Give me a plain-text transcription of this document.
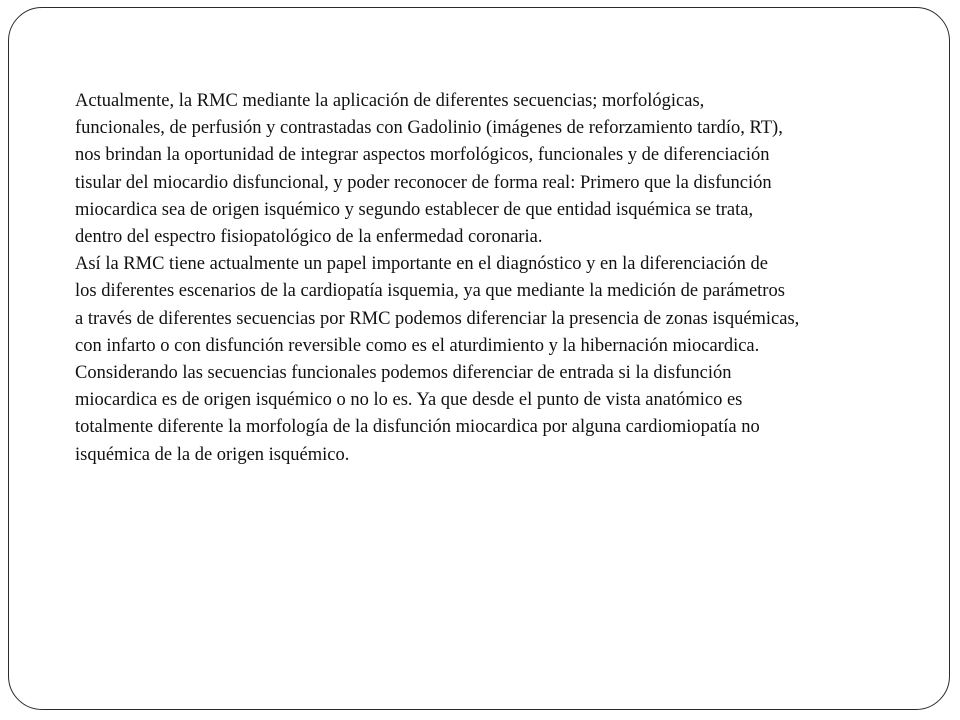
Actualmente, la RMC mediante la aplicación de diferentes secuencias; morfológicas,
funcionales, de perfusión y contrastadas con Gadolinio (imágenes de reforzamiento tardío, RT),
nos brindan la oportunidad de integrar aspectos morfológicos, funcionales y de diferenciación
tisular del miocardio disfuncional, y poder reconocer de forma real: Primero que la disfunción
miocardica sea de origen isquémico y segundo establecer de que entidad isquémica se trata,
dentro del espectro fisiopatológico de la enfermedad coronaria.
Así la RMC tiene actualmente un papel importante en el diagnóstico y en la diferenciación de
los diferentes escenarios de la cardiopatía isquemia, ya que mediante la medición de parámetros
a través de diferentes secuencias por RMC podemos diferenciar la presencia de zonas isquémicas,
con infarto o con disfunción reversible como es el aturdimiento y la hibernación miocardica.
Considerando las secuencias funcionales podemos diferenciar de entrada si la disfunción
miocardica es de origen isquémico o no lo es. Ya que desde el punto de vista anatómico es
totalmente diferente la morfología de la disfunción miocardica por alguna cardiomiopatía no
isquémica de la de origen isquémico.
